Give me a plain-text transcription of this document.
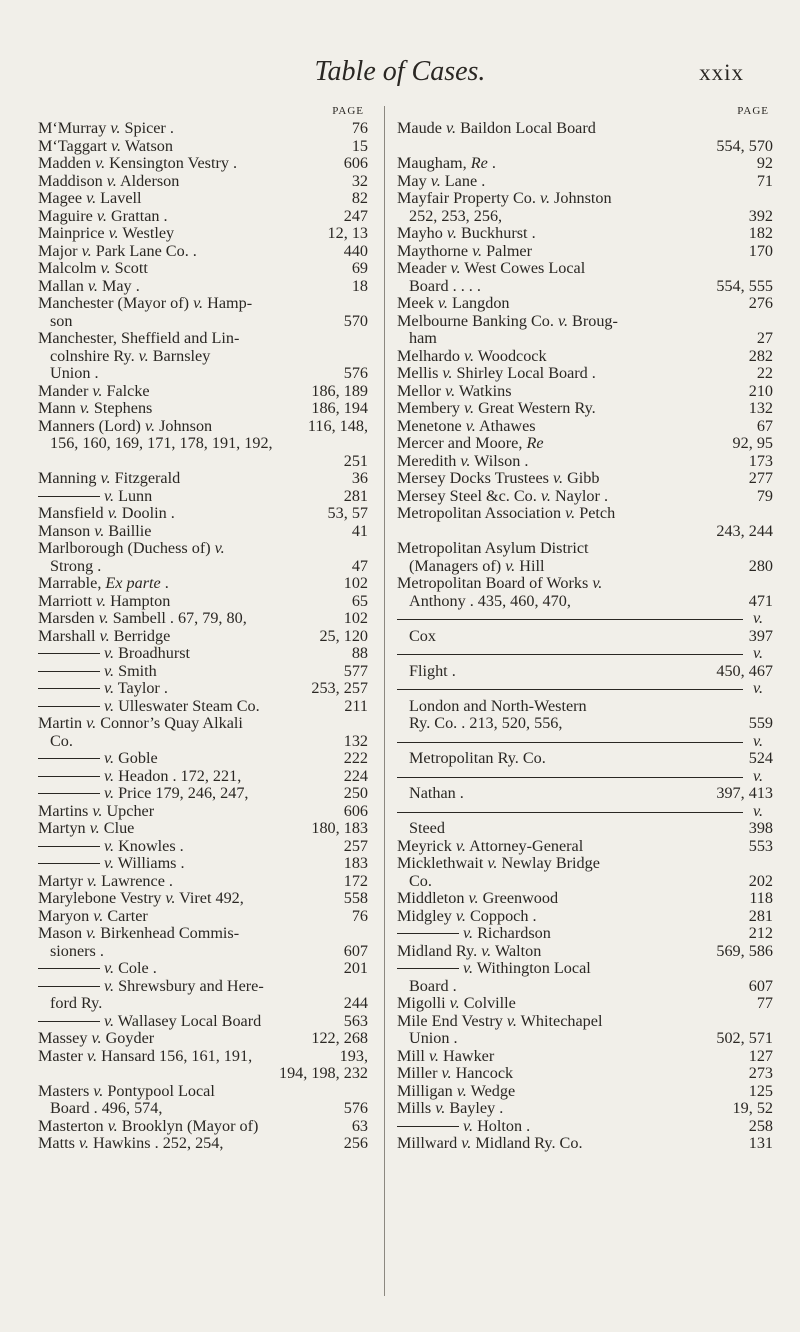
Table of Cases.	xxix
PAGE
M‘Murray v. Spicer .	76
M‘Taggart v. Watson	15
Madden v. Kensington Vestry .	606
Maddison v. Alderson	32
Magee v. Lavell	82
Maguire v. Grattan .	247
Mainprice v. Westley	12, 13
Major v. Park Lane Co. .	440
Malcolm v. Scott	69
Mallan v. May .	18
Manchester (Mayor of) v. Hamp-
son	570
Manchester, Sheffield and Lin-
colnshire Ry. v. Barnsley
Union .	576
Mander v. Falcke	186, 189
Mann v. Stephens	186, 194
Manners (Lord) v. Johnson	116, 148,
156, 160, 169, 171, 178, 191, 192,

251
Manning v. Fitzgerald	36
v. Lunn	281
Mansfield v. Doolin .	53, 57
Manson v. Baillie	41
Marlborough (Duchess of) v.
Strong .	47
Marrable, Ex parte .	102
Marriott v. Hampton	65
Marsden v. Sambell . 67, 79, 80,	102
Marshall v. Berridge	25, 120
v. Broadhurst	88
v. Smith	577
v. Taylor .	253, 257
v. Ulleswater Steam Co.	211
Martin v. Connor’s Quay Alkali
Co.	132
v. Goble	222
v. Headon . 172, 221,	224
v. Price 179, 246, 247,	250
Martins v. Upcher	606
Martyn v. Clue	180, 183
v. Knowles .	257
v. Williams .	183
Martyr v. Lawrence .	172
Marylebone Vestry v. Viret 492,	558
Maryon v. Carter	76
Mason v. Birkenhead Commis-
sioners .	607
v. Cole .	201
v. Shrewsbury and Here-
ford Ry.	244
v. Wallasey Local Board	563
Massey v. Goyder	122, 268
Master v. Hansard 156, 161, 191,	193,

194, 198, 232
Masters v. Pontypool Local
Board . 496, 574,	576
Masterton v. Brooklyn (Mayor of)	63
Matts v. Hawkins . 252, 254,	256
PAGE
Maude v. Baildon Local Board

554, 570
Maugham, Re .	92
May v. Lane .	71
Mayfair Property Co. v. Johnston
252, 253, 256,	392
Mayho v. Buckhurst .	182
Maythorne v. Palmer	170
Meader v. West Cowes Local
Board . . . .	554, 555
Meek v. Langdon	276
Melbourne Banking Co. v. Broug-
ham	27
Melhardo v. Woodcock	282
Mellis v. Shirley Local Board .	22
Mellor v. Watkins	210
Membery v. Great Western Ry.	132
Menetone v. Athawes	67
Mercer and Moore, Re	92, 95
Meredith v. Wilson .	173
Mersey Docks Trustees v. Gibb	277
Mersey Steel &c. Co. v. Naylor .	79
Metropolitan Association v. Petch

243, 244
Metropolitan Asylum District
(Managers of) v. Hill	280
Metropolitan Board of Works v.
Anthony . 435, 460, 470,	471
v.
Cox	397
v.
Flight .	450, 467
v.
London and North-Western
Ry. Co. . 213, 520, 556,	559
v.
Metropolitan Ry. Co.	524
v.
Nathan .	397, 413
v.
Steed	398
Meyrick v. Attorney-General	553
Micklethwait v. Newlay Bridge
Co.	202
Middleton v. Greenwood	118
Midgley v. Coppoch .	281
v. Richardson	212
Midland Ry. v. Walton	569, 586
v. Withington Local
Board .	607
Migolli v. Colville	77
Mile End Vestry v. Whitechapel
Union .	502, 571
Mill v. Hawker	127
Miller v. Hancock	273
Milligan v. Wedge	125
Mills v. Bayley .	19, 52
v. Holton .	258
Millward v. Midland Ry. Co.	131
